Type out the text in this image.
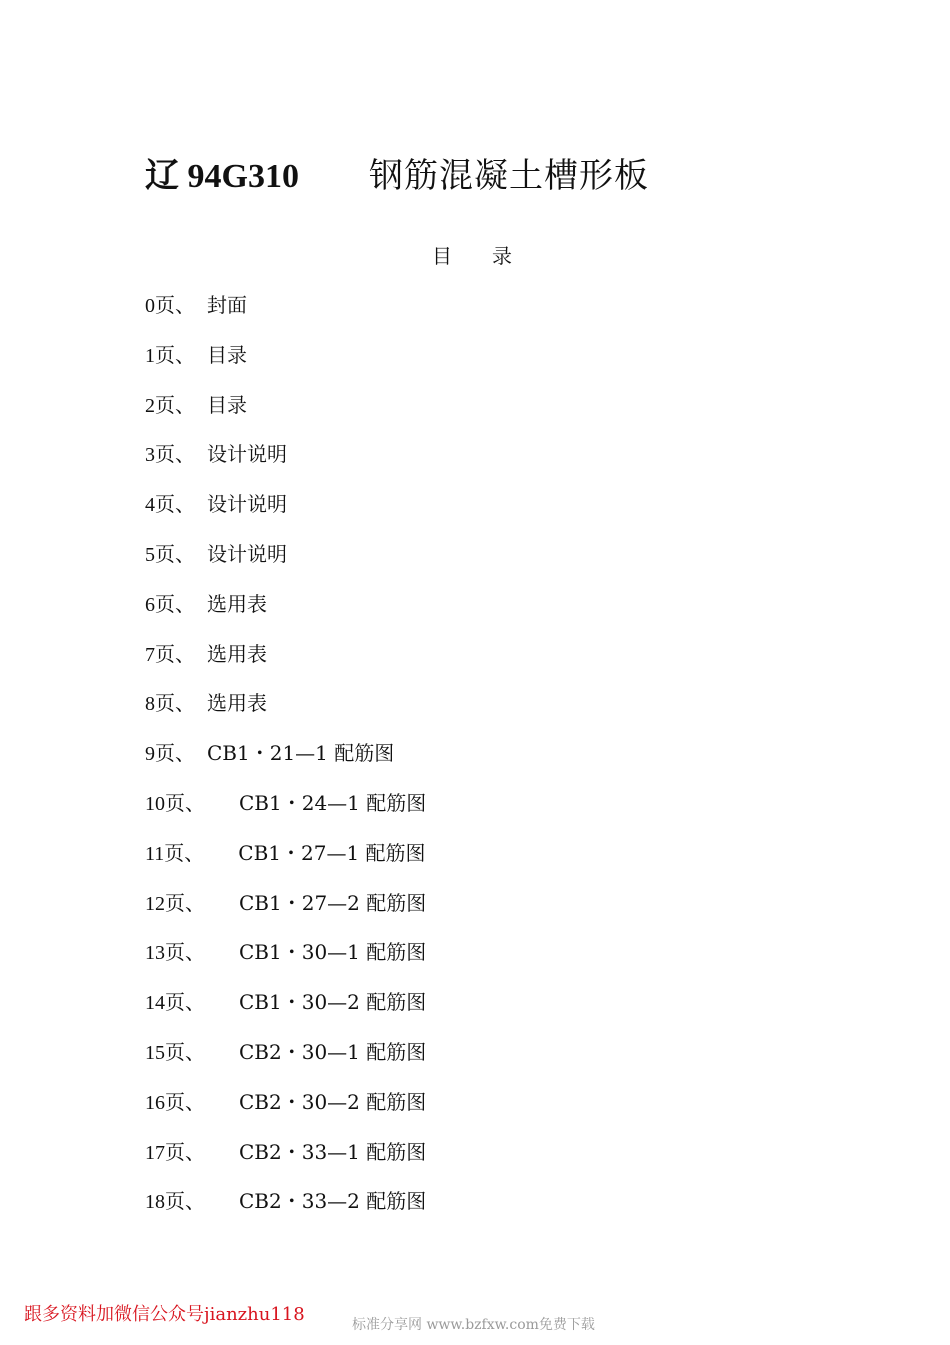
辽 94G310 钢筋混凝土槽形板
目　　录
0页 、 封面
1页 、 目录
2页 、 目录
3页 、 设计说明
4页 、 设计说明
5页 、 设计说明
6页 、 选用表
7页 、 选用表
8页 、 选用表
9页 、 CB1・21—1 配筋图
10页 、 CB1・24—1 配筋图
11页 、 CB1・27—1 配筋图
12页 、 CB1・27—2 配筋图
13页 、 CB1・30—1 配筋图
14页 、 CB1・30—2 配筋图
15页 、 CB2・30—1 配筋图
16页 、 CB2・30—2 配筋图
17页 、 CB2・33—1 配筋图
18页 、 CB2・33—2 配筋图
跟多资料加微信公众号jianzhu118	标准分享网 www.bzfxw.com免费下载
